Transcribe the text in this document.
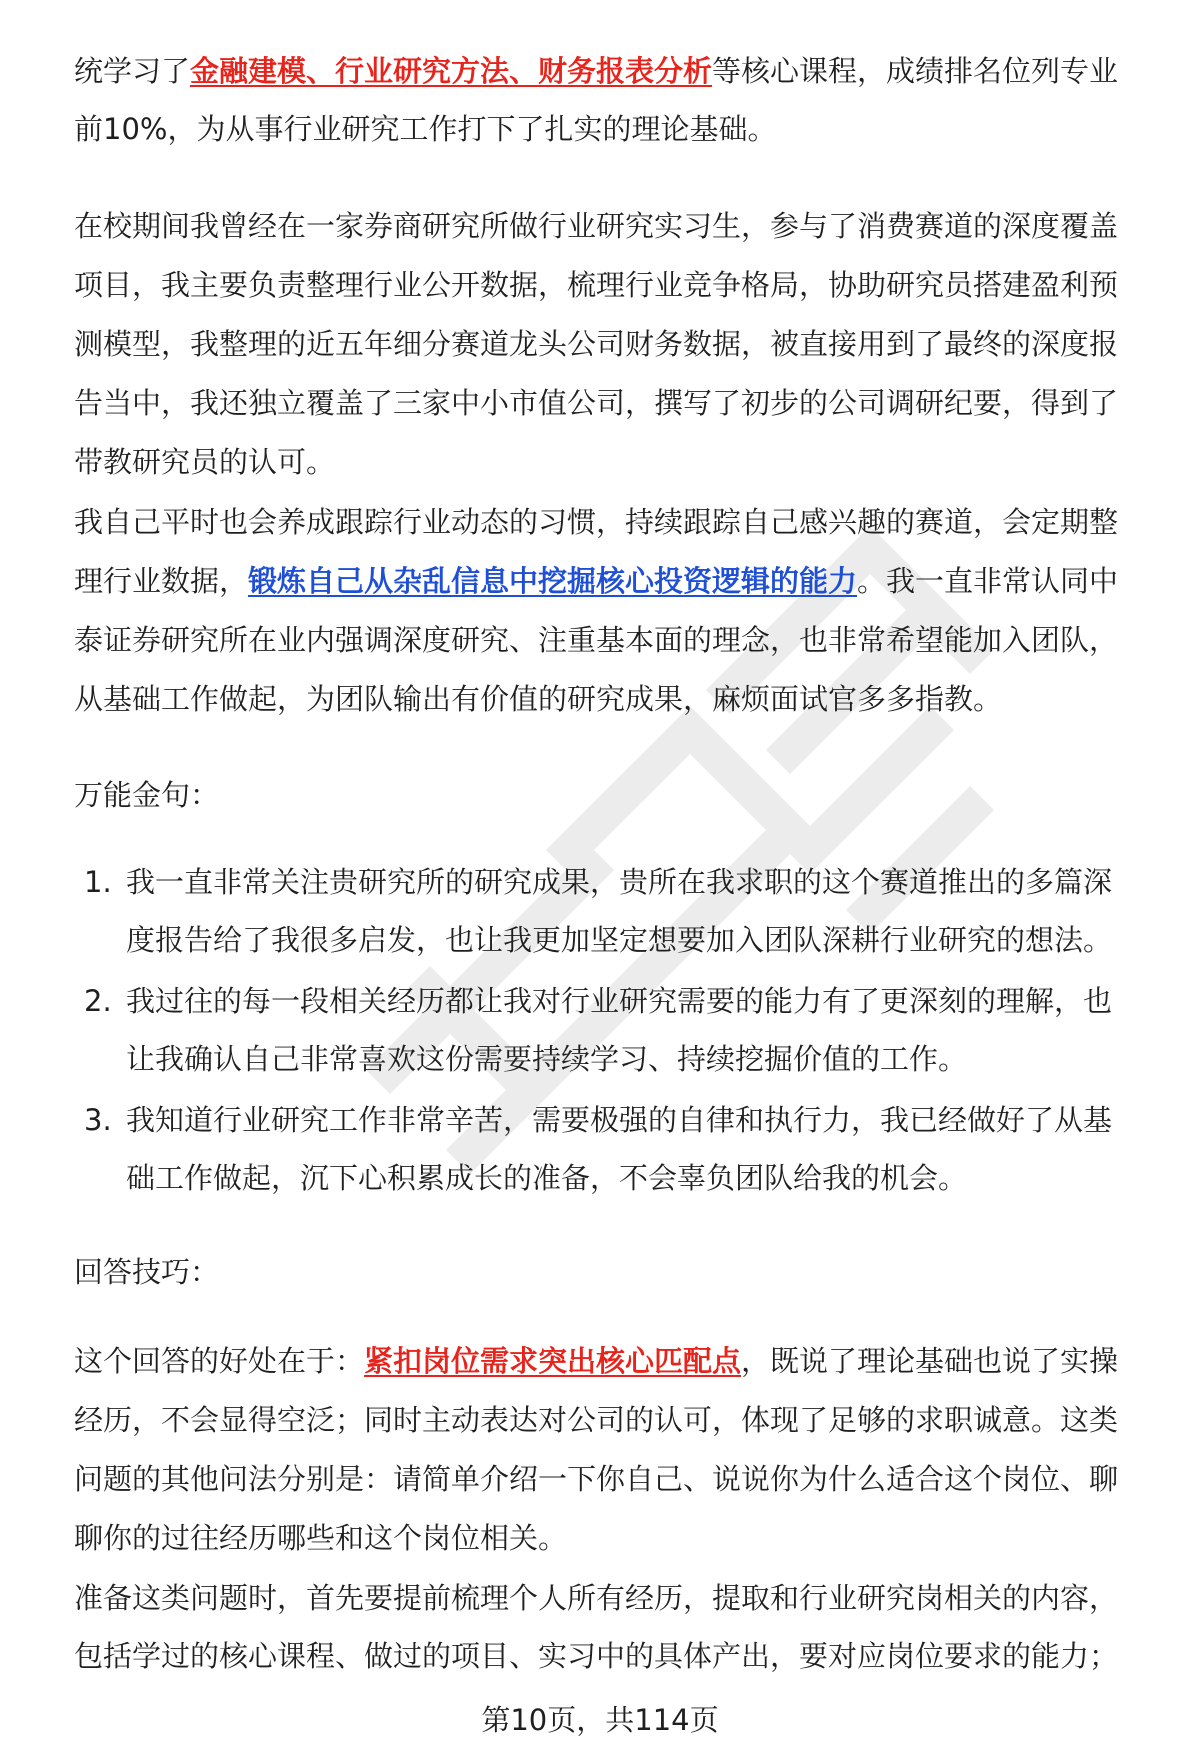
统学习了金融建模、行业研究方法、财务报表分析等核心课程，成绩排名位列专业
前10%，为从事行业研究工作打下了扎实的理论基础。
在校期间我曾经在一家券商研究所做行业研究实习生，参与了消费赛道的深度覆盖
项目，我主要负责整理行业公开数据，梳理行业竞争格局，协助研究员搭建盈利预
测模型，我整理的近五年细分赛道龙头公司财务数据，被直接用到了最终的深度报
告当中，我还独立覆盖了三家中小市值公司，撰写了初步的公司调研纪要，得到了
带教研究员的认可。
我自己平时也会养成跟踪行业动态的习惯，持续跟踪自己感兴趣的赛道，会定期整
理行业数据，锻炼自己从杂乱信息中挖掘核心投资逻辑的能力。我一直非常认同中
泰证券研究所在业内强调深度研究、注重基本面的理念，也非常希望能加入团队，
从基础工作做起，为团队输出有价值的研究成果，麻烦面试官多多指教。
万能金句：
1. 我一直非常关注贵研究所的研究成果，贵所在我求职的这个赛道推出的多篇深
度报告给了我很多启发，也让我更加坚定想要加入团队深耕行业研究的想法。
2. 我过往的每一段相关经历都让我对行业研究需要的能力有了更深刻的理解，也
让我确认自己非常喜欢这份需要持续学习、持续挖掘价值的工作。
3. 我知道行业研究工作非常辛苦，需要极强的自律和执行力，我已经做好了从基
础工作做起，沉下心积累成长的准备，不会辜负团队给我的机会。
回答技巧：
这个回答的好处在于：紧扣岗位需求突出核心匹配点，既说了理论基础也说了实操
经历，不会显得空泛；同时主动表达对公司的认可，体现了足够的求职诚意。这类
问题的其他问法分别是：请简单介绍一下你自己、说说你为什么适合这个岗位、聊
聊你的过往经历哪些和这个岗位相关。
准备这类问题时，首先要提前梳理个人所有经历，提取和行业研究岗相关的内容，
包括学过的核心课程、做过的项目、实习中的具体产出，要对应岗位要求的能力；
第10页，共114页
